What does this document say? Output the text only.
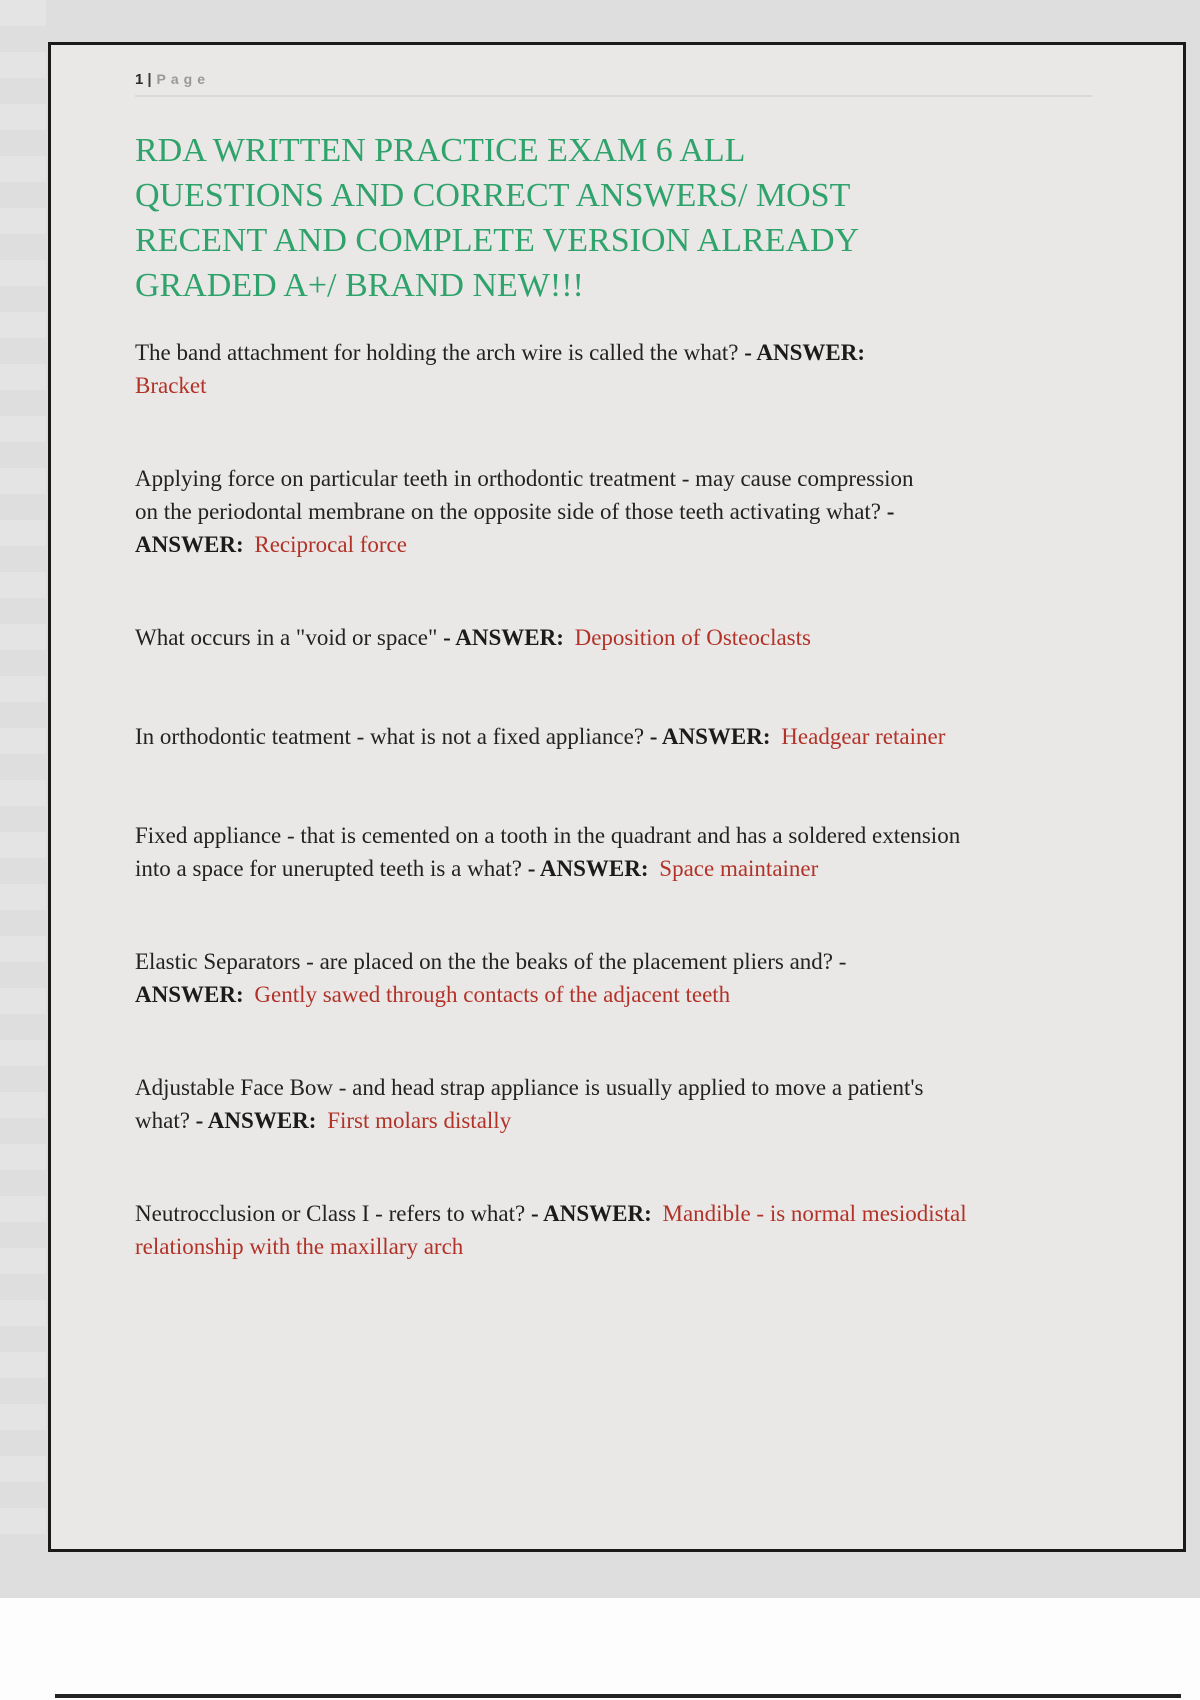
1 | Page
RDA WRITTEN PRACTICE EXAM 6 ALL QUESTIONS AND CORRECT ANSWERS/ MOST RECENT AND COMPLETE VERSION ALREADY GRADED A+/ BRAND NEW!!!

The band attachment for holding the arch wire is called the what? - ANSWER: Bracket

Applying force on particular teeth in orthodontic treatment - may cause compression on the periodontal membrane on the opposite side of those teeth activating what? - ANSWER: Reciprocal force

What occurs in a "void or space" - ANSWER: Deposition of Osteoclasts

In orthodontic teatment - what is not a fixed appliance? - ANSWER: Headgear retainer

Fixed appliance - that is cemented on a tooth in the quadrant and has a soldered extension into a space for unerupted teeth is a what? - ANSWER: Space maintainer

Elastic Separators - are placed on the the beaks of the placement pliers and? - ANSWER: Gently sawed through contacts of the adjacent teeth

Adjustable Face Bow - and head strap appliance is usually applied to move a patient's what? - ANSWER: First molars distally

Neutrocclusion or Class I - refers to what? - ANSWER: Mandible - is normal mesiodistal relationship with the maxillary arch
